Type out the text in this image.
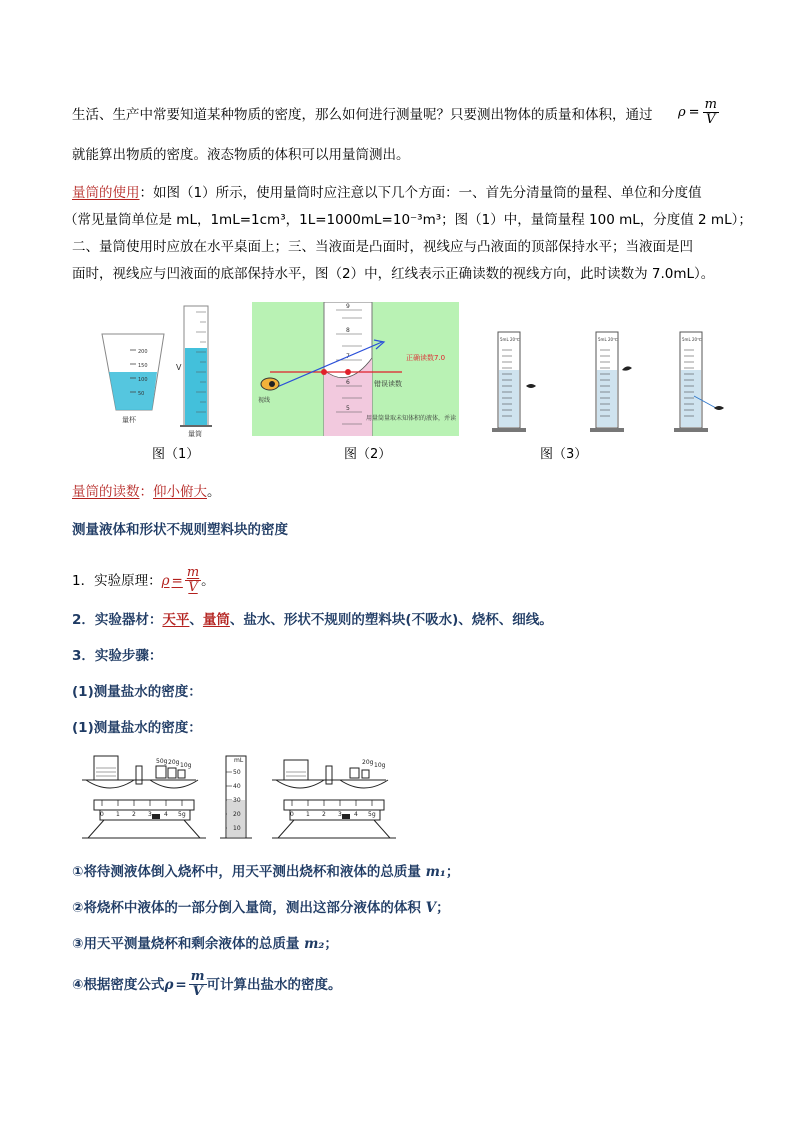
生活、生产中常要知道某种物质的密度，那么如何进行测量呢？只要测出物体的质量和体积，通过 $\rho = \frac{m}{V}$
就能算出物质的密度。液态物质的体积可以用量筒测出。
量筒的使用：如图（1）所示，使用量筒时应注意以下几个方面：一、首先分清量筒的量程、单位和分度值
（常见量筒单位是 mL，1mL=1cm³，1L=1000mL=10⁻³m³；图（1）中，量筒量程 100 mL，分度值 2 mL）；
二、量筒使用时应放在水平桌面上；三、当液面是凸面时，视线应与凸液面的顶部保持水平；当液面是凹
面时，视线应与凹液面的底部保持水平，图（2）中，红线表示正确读数的视线方向，此时读数为 7.0mL）。
200
150
100
50
量杯
V
量筒
图（1）
9
8
6
5
视线
正确读数7.0
错误读数
用量筒量取未知体积的液体，并读
图（2）
5mL 20℃	5mL 20℃	5mL 20℃
图（3）
量筒的读数：仰小俯大。
测量液体和形状不规则塑料块的密度
1．实验原理： $\rho = \frac{m}{V}$ 。
2．实验器材：天平、量筒、盐水、形状不规则的塑料块(不吸水)、烧杯、细线。
3．实验步骤：
(1)测量盐水的密度：
(1)测量盐水的密度：
50g 20g 10g
0 1 2 3 4 5g
mL
50
40
30
20
10
20g 10g
0 1 2 3 4 5g
①将待测液体倒入烧杯中，用天平测出烧杯和液体的总质量 m₁；
②将烧杯中液体的一部分倒入量筒，测出这部分液体的体积 V；
③用天平测量烧杯和剩余液体的总质量 m₂；
④ 根据密度公式 $\rho = \frac{m}{V}$ 可计算出盐水的密度。
